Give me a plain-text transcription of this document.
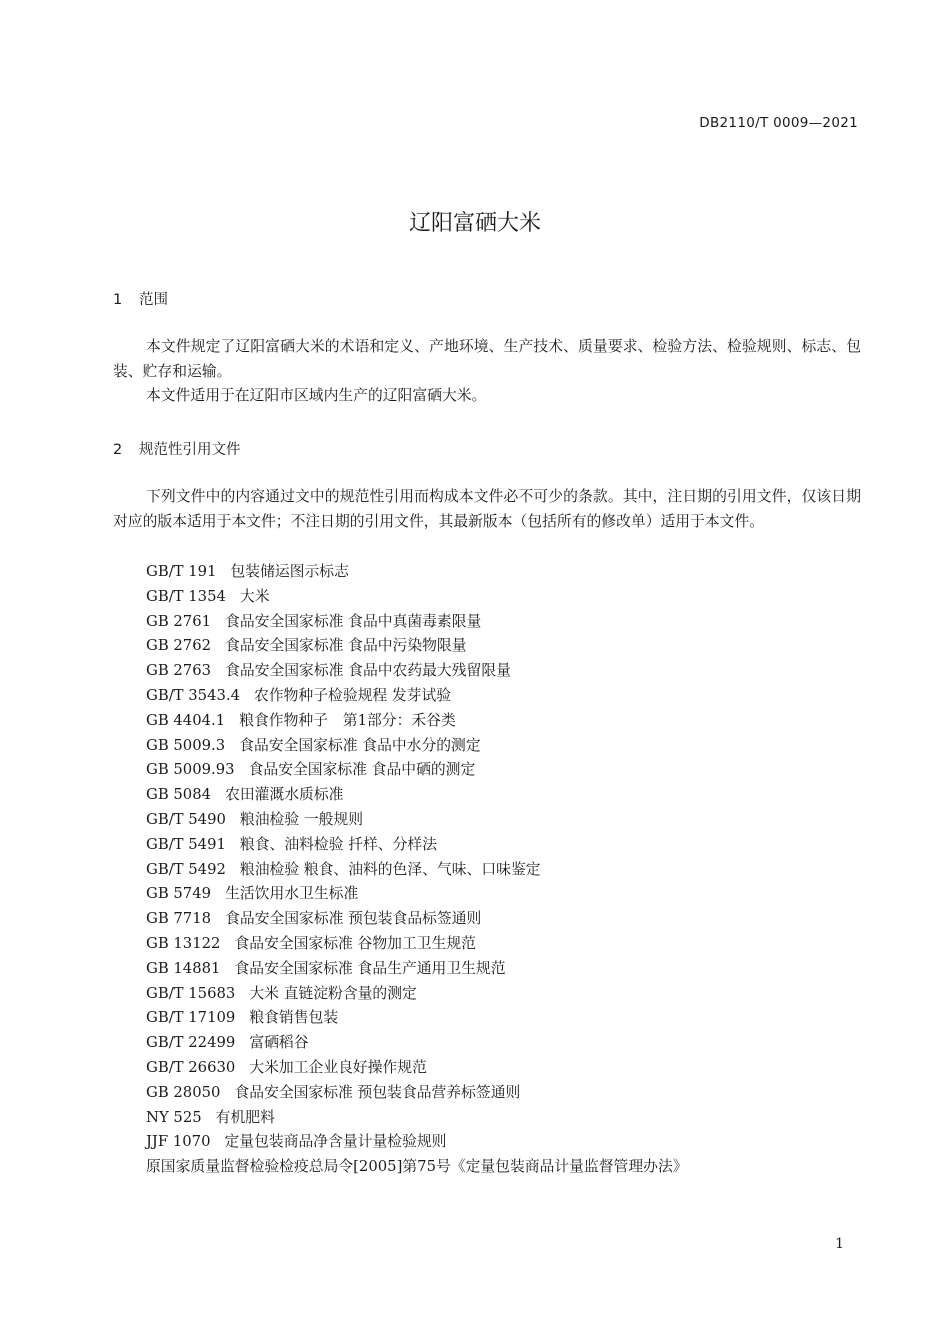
DB2110/T 0009—2021
辽阳富硒大米
1 范围
本文件规定了辽阳富硒大米的术语和定义、产地环境、生产技术、质量要求、检验方法、检验规则、标志、包装、贮存和运输。
本文件适用于在辽阳市区域内生产的辽阳富硒大米。
2 规范性引用文件
下列文件中的内容通过文中的规范性引用而构成本文件必不可少的条款。其中，注日期的引用文件，仅该日期对应的版本适用于本文件；不注日期的引用文件，其最新版本（包括所有的修改单）适用于本文件。
GB/T 191 包装储运图示标志
GB/T 1354 大米
GB 2761 食品安全国家标准 食品中真菌毒素限量
GB 2762 食品安全国家标准 食品中污染物限量
GB 2763 食品安全国家标准 食品中农药最大残留限量
GB/T 3543.4 农作物种子检验规程 发芽试验
GB 4404.1 粮食作物种子　第1部分：禾谷类
GB 5009.3 食品安全国家标准 食品中水分的测定
GB 5009.93 食品安全国家标准 食品中硒的测定
GB 5084 农田灌溉水质标准
GB/T 5490 粮油检验 一般规则
GB/T 5491 粮食、油料检验 扦样、分样法
GB/T 5492 粮油检验 粮食、油料的色泽、气味、口味鉴定
GB 5749 生活饮用水卫生标准
GB 7718 食品安全国家标准 预包装食品标签通则
GB 13122 食品安全国家标准 谷物加工卫生规范
GB 14881 食品安全国家标准 食品生产通用卫生规范
GB/T 15683 大米 直链淀粉含量的测定
GB/T 17109 粮食销售包装
GB/T 22499 富硒稻谷
GB/T 26630 大米加工企业良好操作规范
GB 28050 食品安全国家标准 预包装食品营养标签通则
NY 525 有机肥料
JJF 1070 定量包装商品净含量计量检验规则
原国家质量监督检验检疫总局令[2005]第75号《定量包装商品计量监督管理办法》
1
